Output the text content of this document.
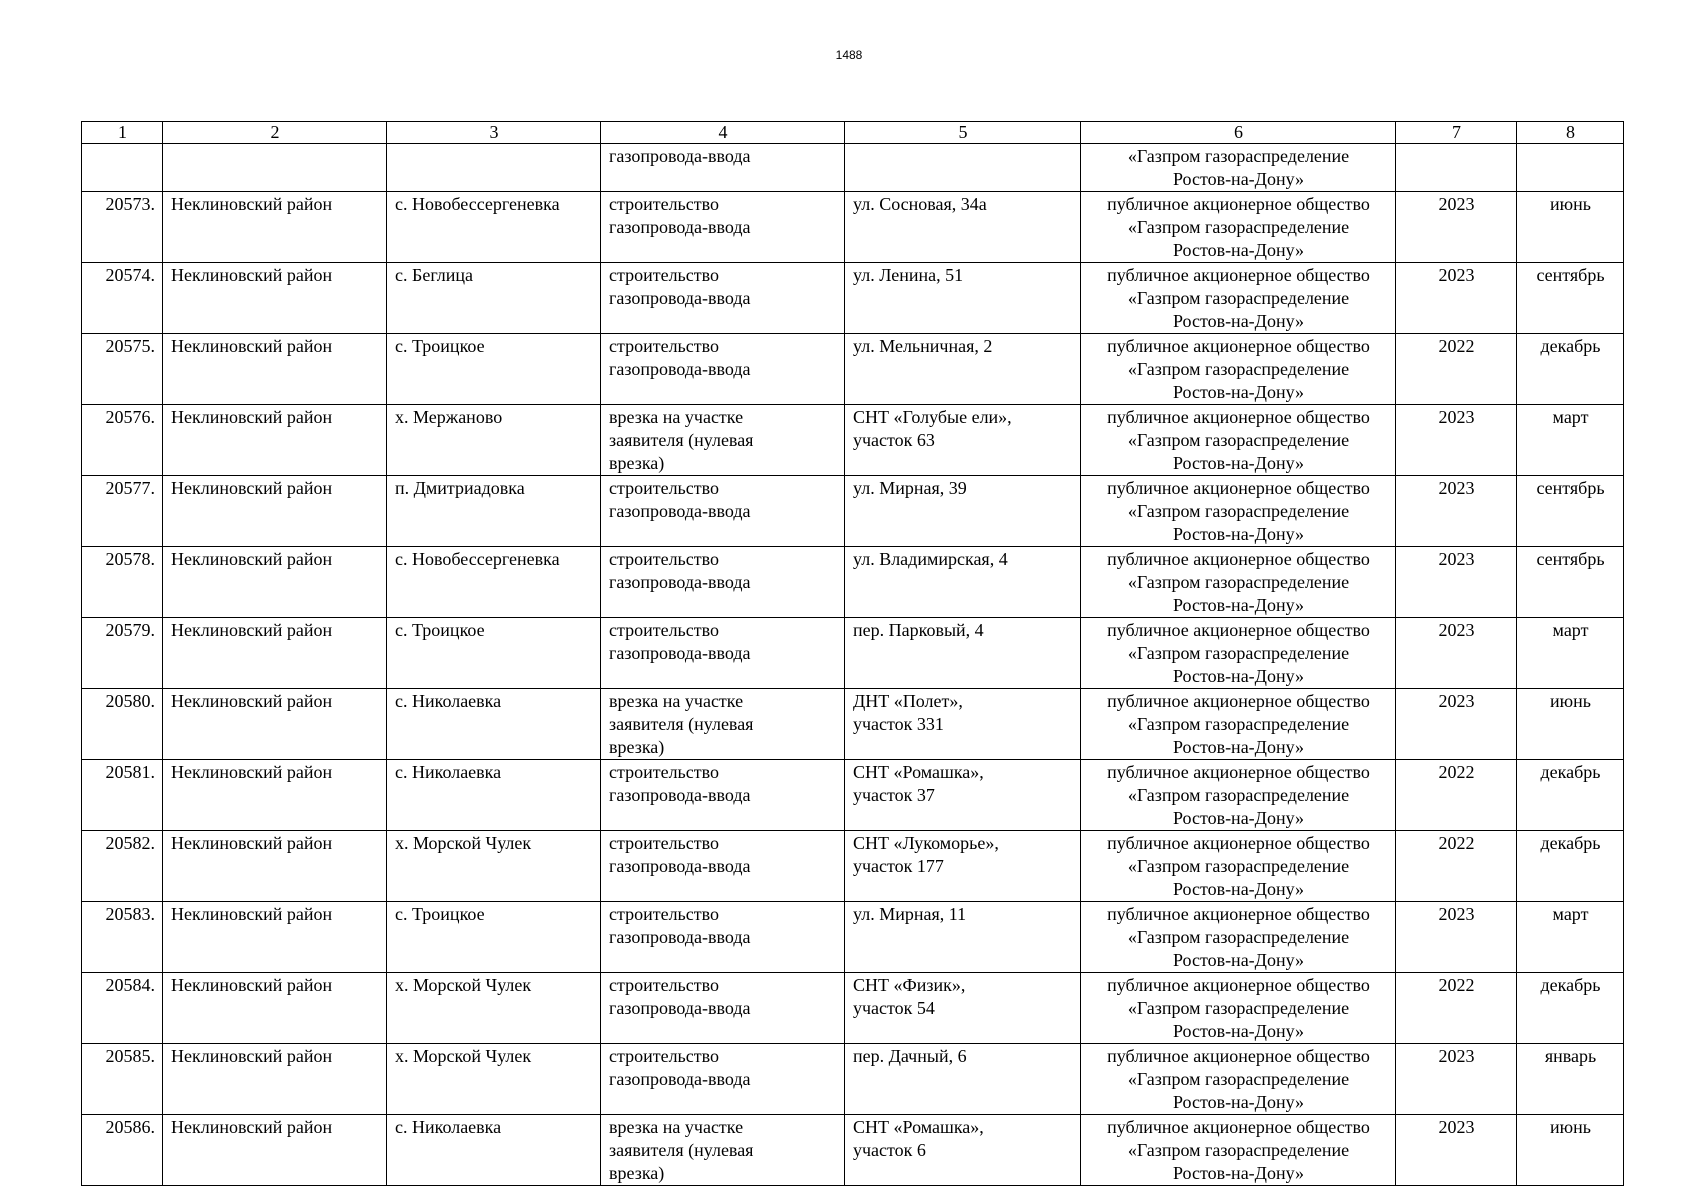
1488
1	2	3	4	5	6	7	8
			газопровода-ввода		«Газпром газораспределение
Ростов-на-Дону»		
20573.	Неклиновский район	с. Новобессергеневка	строительство
газопровода-ввода	ул. Сосновая, 34а	публичное акционерное общество
«Газпром газораспределение
Ростов-на-Дону»	2023	июнь
20574.	Неклиновский район	с. Беглица	строительство
газопровода-ввода	ул. Ленина, 51	публичное акционерное общество
«Газпром газораспределение
Ростов-на-Дону»	2023	сентябрь
20575.	Неклиновский район	с. Троицкое	строительство
газопровода-ввода	ул. Мельничная, 2	публичное акционерное общество
«Газпром газораспределение
Ростов-на-Дону»	2022	декабрь
20576.	Неклиновский район	х. Мержаново	врезка на участке
заявителя (нулевая
врезка)	СНТ «Голубые ели»,
участок 63	публичное акционерное общество
«Газпром газораспределение
Ростов-на-Дону»	2023	март
20577.	Неклиновский район	п. Дмитриадовка	строительство
газопровода-ввода	ул. Мирная, 39	публичное акционерное общество
«Газпром газораспределение
Ростов-на-Дону»	2023	сентябрь
20578.	Неклиновский район	с. Новобессергеневка	строительство
газопровода-ввода	ул. Владимирская, 4	публичное акционерное общество
«Газпром газораспределение
Ростов-на-Дону»	2023	сентябрь
20579.	Неклиновский район	с. Троицкое	строительство
газопровода-ввода	пер. Парковый, 4	публичное акционерное общество
«Газпром газораспределение
Ростов-на-Дону»	2023	март
20580.	Неклиновский район	с. Николаевка	врезка на участке
заявителя (нулевая
врезка)	ДНТ «Полет»,
участок 331	публичное акционерное общество
«Газпром газораспределение
Ростов-на-Дону»	2023	июнь
20581.	Неклиновский район	с. Николаевка	строительство
газопровода-ввода	СНТ «Ромашка»,
участок 37	публичное акционерное общество
«Газпром газораспределение
Ростов-на-Дону»	2022	декабрь
20582.	Неклиновский район	х. Морской Чулек	строительство
газопровода-ввода	СНТ «Лукоморье»,
участок 177	публичное акционерное общество
«Газпром газораспределение
Ростов-на-Дону»	2022	декабрь
20583.	Неклиновский район	с. Троицкое	строительство
газопровода-ввода	ул. Мирная, 11	публичное акционерное общество
«Газпром газораспределение
Ростов-на-Дону»	2023	март
20584.	Неклиновский район	х. Морской Чулек	строительство
газопровода-ввода	СНТ «Физик»,
участок 54	публичное акционерное общество
«Газпром газораспределение
Ростов-на-Дону»	2022	декабрь
20585.	Неклиновский район	х. Морской Чулек	строительство
газопровода-ввода	пер. Дачный, 6	публичное акционерное общество
«Газпром газораспределение
Ростов-на-Дону»	2023	январь
20586.	Неклиновский район	с. Николаевка	врезка на участке
заявителя (нулевая
врезка)	СНТ «Ромашка»,
участок 6	публичное акционерное общество
«Газпром газораспределение
Ростов-на-Дону»	2023	июнь
